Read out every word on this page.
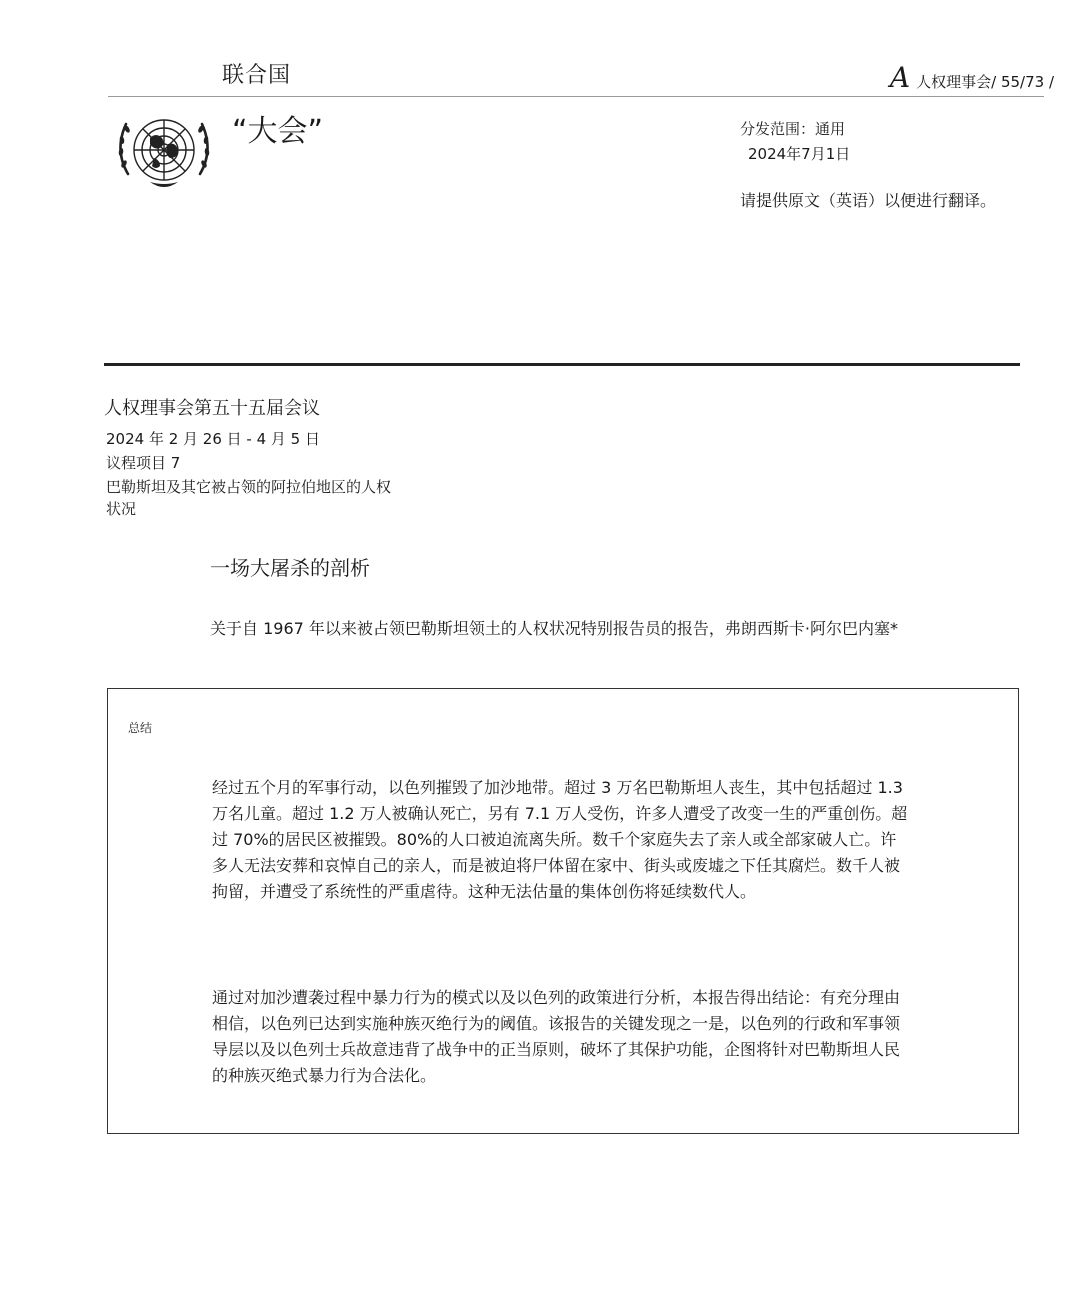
联合国	A 人权理事会/ 55/73 /
“大会”	分发范围：通用
2024年7月1日
请提供原文（英语）以便进行翻译。
人权理事会第五十五届会议
2024 年 2 月 26 日 - 4 月 5 日
议程项目 7
巴勒斯坦及其它被占领的阿拉伯地区的人权
状况
一场大屠杀的剖析
关于自 1967 年以来被占领巴勒斯坦领土的人权状况特别报告员的报告，弗朗西斯卡·阿尔巴内塞*
总结
经过五个月的军事行动，以色列摧毁了加沙地带。超过 3 万名巴勒斯坦人丧生，其中包括超过 1.3 万名儿童。超过 1.2 万人被确认死亡，另有 7.1 万人受伤，许多人遭受了改变一生的严重创伤。超过 70%的居民区被摧毁。80%的人口被迫流离失所。数千个家庭失去了亲人或全部家破人亡。许多人无法安葬和哀悼自己的亲人，而是被迫将尸体留在家中、街头或废墟之下任其腐烂。数千人被拘留，并遭受了系统性的严重虐待。这种无法估量的集体创伤将延续数代人。
通过对加沙遭袭过程中暴力行为的模式以及以色列的政策进行分析，本报告得出结论：有充分理由相信，以色列已达到实施种族灭绝行为的阈值。该报告的关键发现之一是，以色列的行政和军事领导层以及以色列士兵故意违背了战争中的正当原则，破坏了其保护功能，企图将针对巴勒斯坦人民的种族灭绝式暴力行为合法化。
